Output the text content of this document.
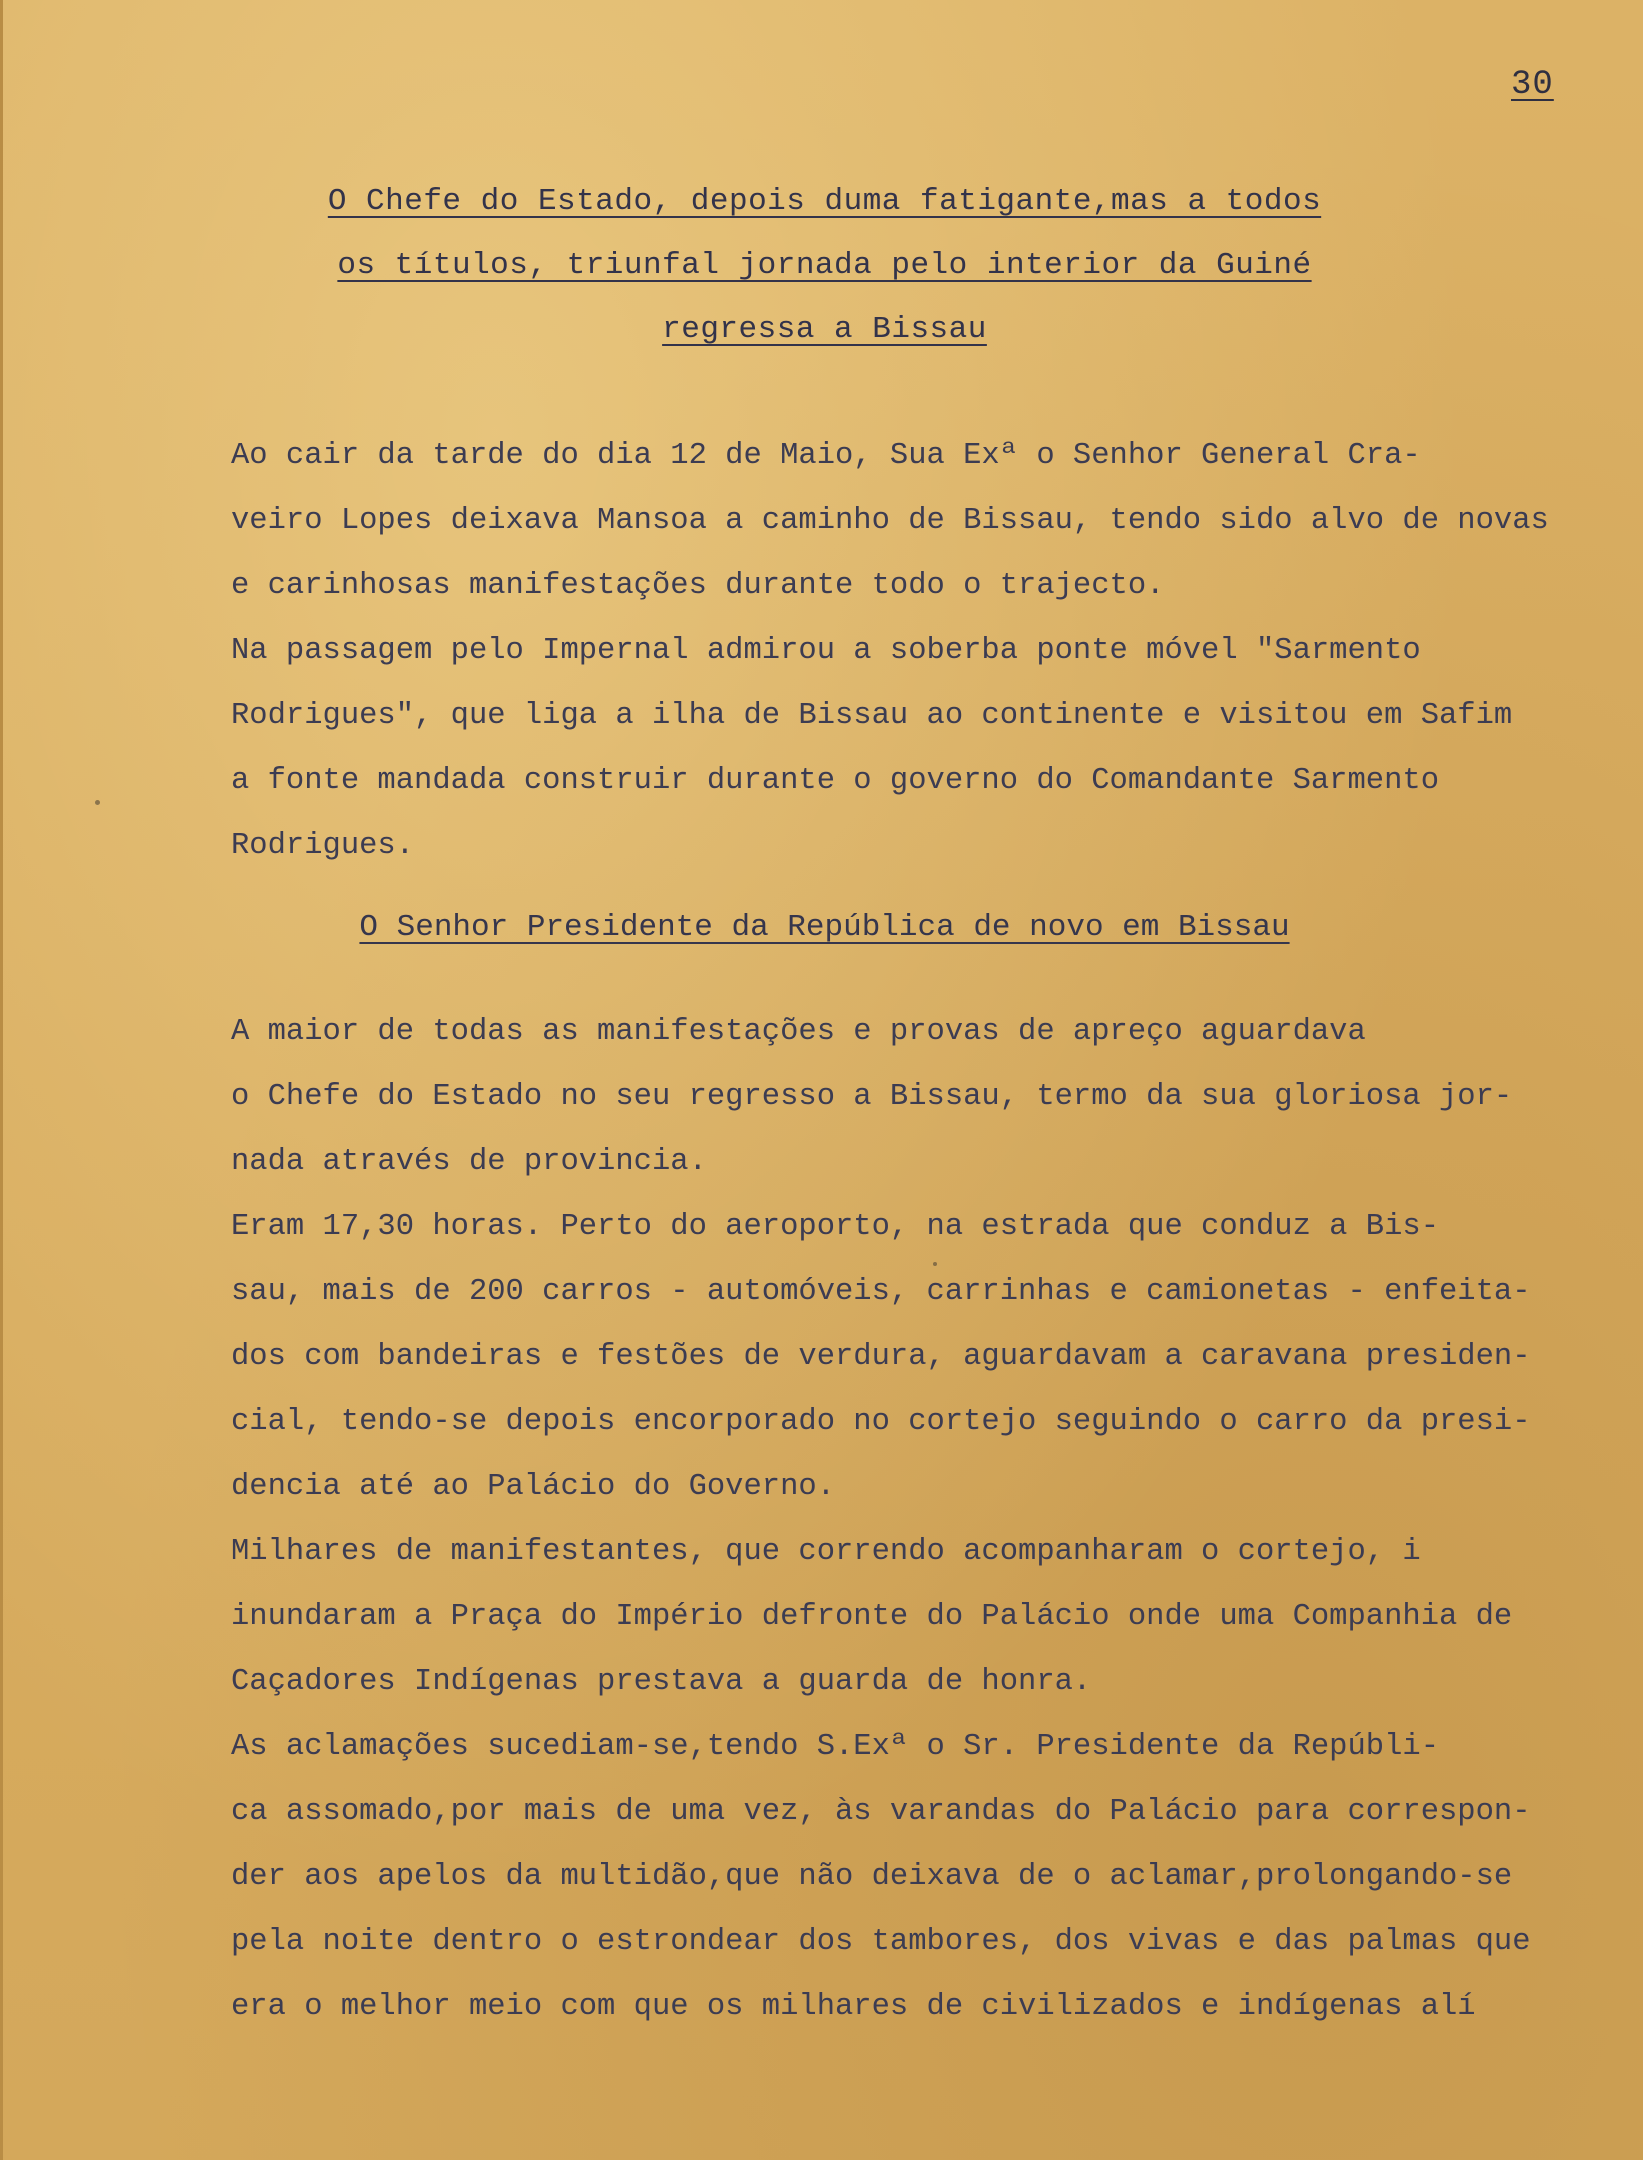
30
O Chefe do Estado, depois duma fatigante,mas a todos
os títulos, triunfal jornada pelo interior da Guiné
regressa a Bissau

Ao cair da tarde do dia 12 de Maio, Sua Exª o Senhor General Cra-

veiro Lopes deixava Mansoa a caminho de Bissau, tendo sido alvo de novas
e carinhosas manifestações durante todo o trajecto.
Na passagem pelo Impernal admirou a soberba ponte móvel "Sarmento
Rodrigues", que liga a ilha de Bissau ao continente e visitou em Safim
a fonte mandada construir durante o governo do Comandante Sarmento
Rodrigues.

O Senhor Presidente da República de novo em Bissau

A maior de todas as manifestações e provas de apreço aguardava
o Chefe do Estado no seu regresso a Bissau, termo da sua gloriosa jor-
nada através de provincia.
Eram 17,30 horas. Perto do aeroporto, na estrada que conduz a Bis-
sau, mais de 200 carros - automóveis, carrinhas e camionetas - enfeita-
dos com bandeiras e festões de verdura, aguardavam a caravana presiden-
cial, tendo-se depois encorporado no cortejo seguindo o carro da presi-
dencia até ao Palácio do Governo.
Milhares de manifestantes, que correndo acompanharam o cortejo, i
inundaram a Praça do Império defronte do Palácio onde uma Companhia de
Caçadores Indígenas prestava a guarda de honra.
As aclamações sucediam-se,tendo S.Exª o Sr. Presidente da Repúbli-
ca assomado,por mais de uma vez, às varandas do Palácio para correspon-
der aos apelos da multidão,que não deixava de o aclamar,prolongando-se
pela noite dentro o estrondear dos tambores, dos vivas e das palmas que
era o melhor meio com que os milhares de civilizados e indígenas alí
